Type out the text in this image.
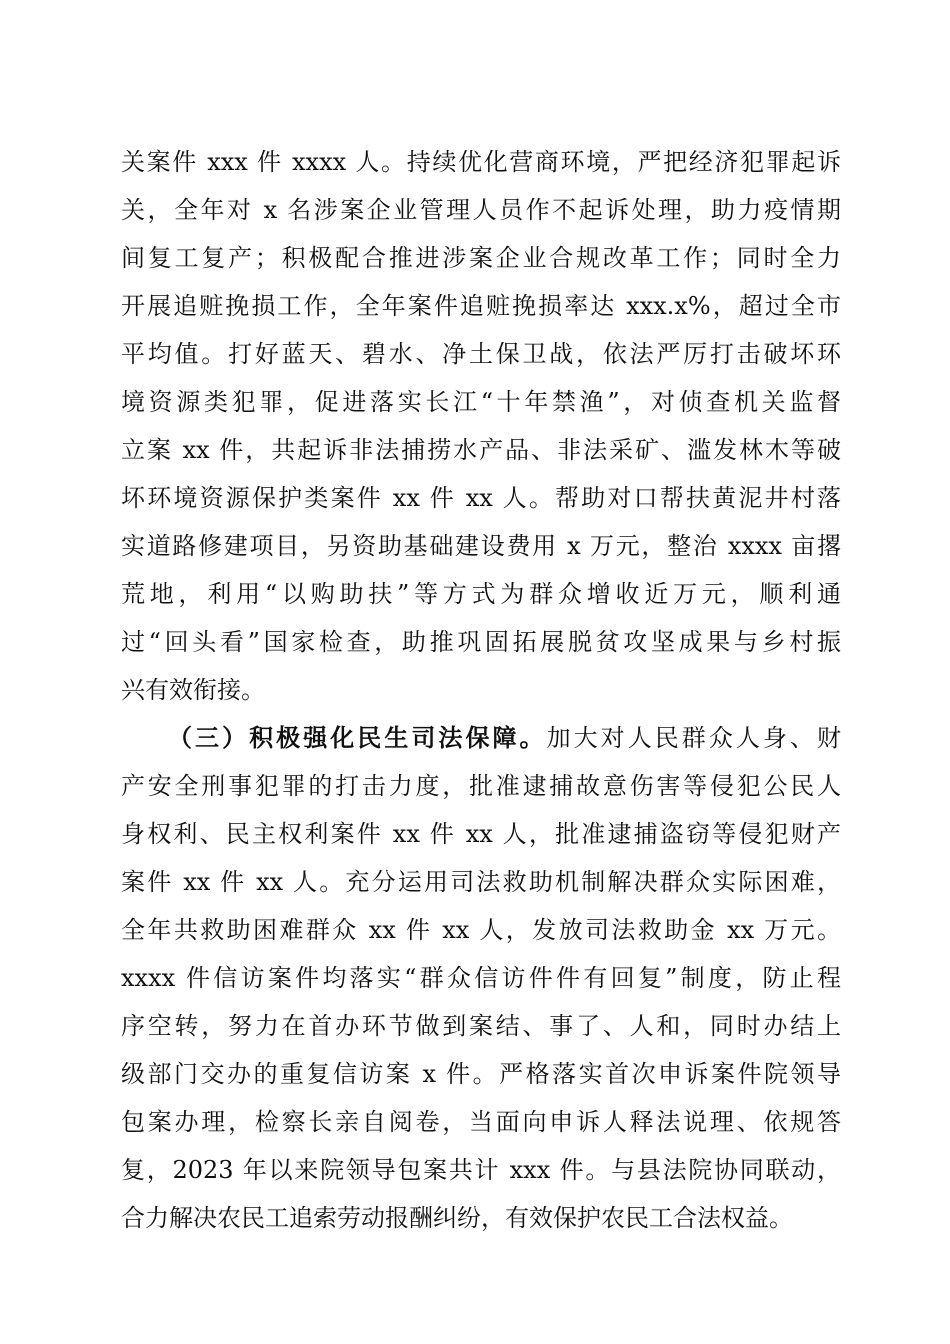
关案件 xxx 件 xxxx 人。持续优化营商环境，严把经济犯罪起诉
关，全年对 x 名涉案企业管理人员作不起诉处理，助力疫情期
间复工复产；积极配合推进涉案企业合规改革工作；同时全力
开展追赃挽损工作，全年案件追赃挽损率达 xxx.x%，超过全市
平均值。打好蓝天、碧水、净土保卫战，依法严厉打击破坏环
境资源类犯罪，促进落实长江“十年禁渔”，对侦查机关监督
立案 xx 件，共起诉非法捕捞水产品、非法采矿、滥发林木等破
坏环境资源保护类案件 xx 件 xx 人。帮助对口帮扶黄泥井村落
实道路修建项目，另资助基础建设费用 x 万元，整治 xxxx 亩撂
荒地，利用“以购助扶”等方式为群众增收近万元，顺利通
过“回头看”国家检查，助推巩固拓展脱贫攻坚成果与乡村振
兴有效衔接。
（三）积极强化民生司法保障。加大对人民群众人身、财
产安全刑事犯罪的打击力度，批准逮捕故意伤害等侵犯公民人
身权利、民主权利案件 xx 件 xx 人，批准逮捕盗窃等侵犯财产
案件 xx 件 xx 人。充分运用司法救助机制解决群众实际困难，
全年共救助困难群众 xx 件 xx 人，发放司法救助金 xx 万元。
xxxx 件信访案件均落实“群众信访件件有回复”制度，防止程
序空转，努力在首办环节做到案结、事了、人和，同时办结上
级部门交办的重复信访案 x 件。严格落实首次申诉案件院领导
包案办理，检察长亲自阅卷，当面向申诉人释法说理、依规答
复，2023 年以来院领导包案共计 xxx 件。与县法院协同联动，
合力解决农民工追索劳动报酬纠纷，有效保护农民工合法权益。
